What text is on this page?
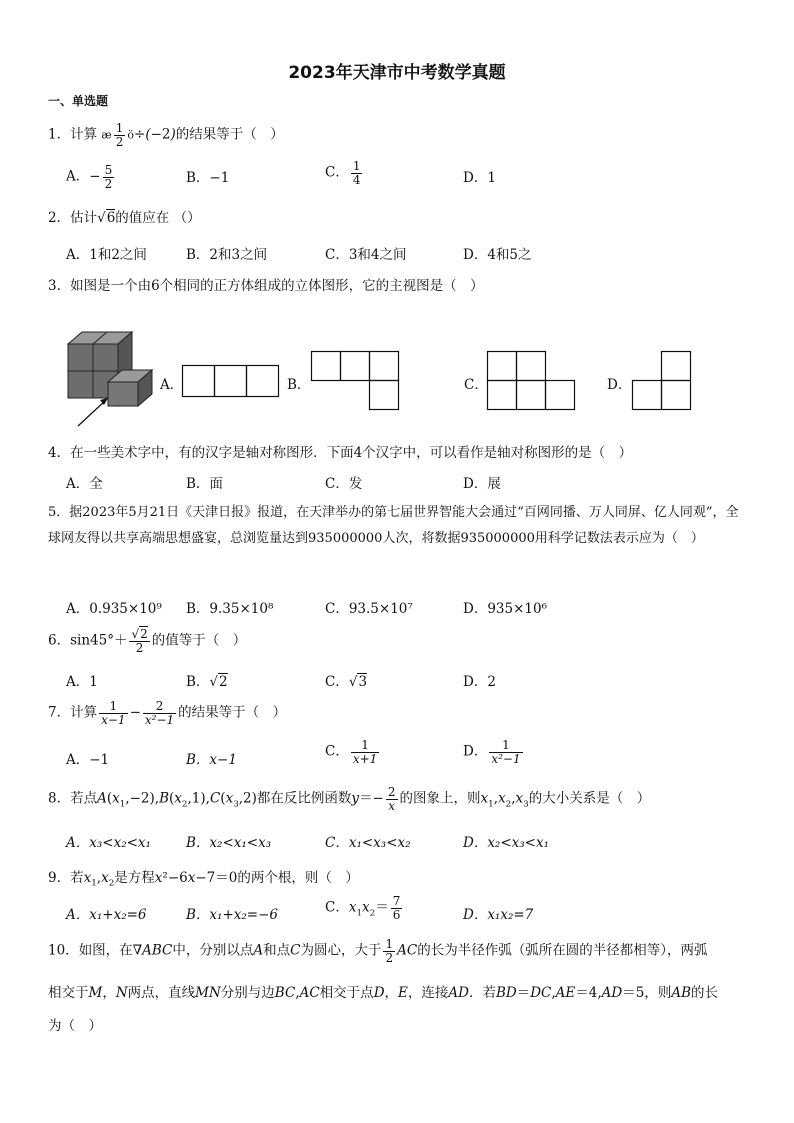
2023年天津市中考数学真题
一、单选题
1．计算 æ $\frac{1}{2}$ ö÷(−2)的结果等于（　）
A．− $\frac{5}{2}$	B．−1	C． $\frac{1}{4}$	D．1
2．估计√6的值应在 （）
A．1和2之间	B．2和3之间	C．3和4之间	D．4和5之
3．如图是一个由6个相同的正方体组成的立体图形，它的主视图是（　）
A．	B．	C．	D．
4．在一些美术字中，有的汉字是轴对称图形．下面4个汉字中，可以看作是轴对称图形的是（　）
A．全	B．面	C．发	D．展
5．据2023年5月21日《天津日报》报道，在天津举办的第七届世界智能大会通过“百网同播、万人同屏、亿人同观”，全球网友得以共享高端思想盛宴，总浏览量达到935000000人次，将数据935000000用科学记数法表示应为（　）
A．0.935×10⁹ B．9.35×10⁸	C．93.5×10⁷	D．935×10⁶
6．$\sin 45^\circ+ \frac{√2}{2}$ 的值等于（　）
A．1	B．√2	C．√3	D．2
7．计算 $\frac{1}{x-1} - \frac{2}{\text{x²−1}}$ 的结果等于（　）
A．−1	B．x−1
C． $\frac{1}{x+1}$	D． $\frac{1}{\text{x²−1}}$
8．若点$A(x_1,-2),B(x_2,1),C(x_3,2)$都在反比例函数$y=- \frac{2}{x}$ 的图象上，则$x_1,x_2,x_3$的大小关系是（　）
A．x₃<x₂<x₁	B．x₂<x₁<x₃	C．x₁<x₃<x₂	D．x₂<x₃<x₁
9．若$x_1,x_2$是方程x²−6x−7＝0的两个根，则（　）
A．x₁+x₂=6	B．x₁+x₂=−6	C．$x_1x_2= \frac{7}{6}$	D．x₁x₂=7
10．如图，在∇ABC中，分别以点A和点C为圆心，大于 $\frac{1}{2}$ AC的长为半径作弧（弧所在圆的半径都相等），两弧
相交于M，N两点，直线MN分别与边BC,AC相交于点D，E，连接AD．若BD＝DC,AE＝4,AD＝5，则AB的长
为（　）
